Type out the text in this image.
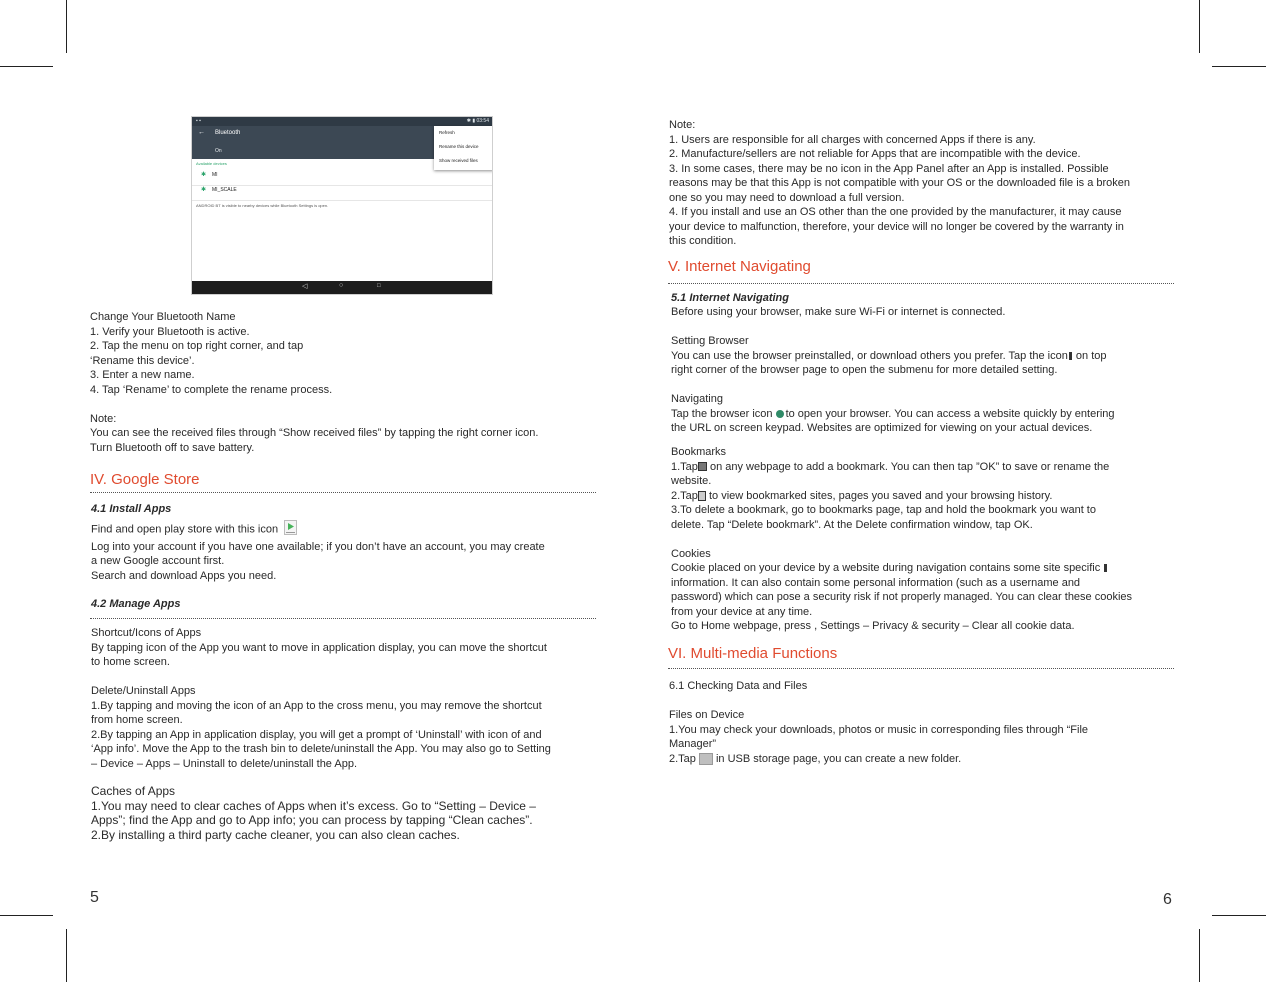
▪ ▪	✱ ▮ 03:54
← Bluetooth
On
Available devices
✱ MI
✱ MI_SCALE
ANDROID BT is visible to nearby devices while Bluetooth Settings is open.
Refresh
Rename this device
Show received files
◁	○	□

Change Your Bluetooth Name

1. Verify your Bluetooth is active.

2. Tap the menu on top right corner, and tap

‘Rename this device’.

3. Enter a new name.

4. Tap ‘Rename’ to complete the rename process.

Note:

You can see the received files through “Show received files” by tapping the right corner icon.

Turn Bluetooth off to save battery.

IV. Google Store
4.1 Install Apps

Find and open play store with this icon

Log into your account if you have one available; if you don’t have an account, you may create

a new Google account first.

Search and download Apps you need.

4.2 Manage Apps

Shortcut/Icons of Apps

By tapping icon of the App you want to move in application display, you can move the shortcut

to home screen.

Delete/Uninstall Apps

1.By tapping and moving the icon of an App to the cross menu, you may remove the shortcut

from home screen.

2.By tapping an App in application display, you will get a prompt of ‘Uninstall’ with icon of and

‘App info’. Move the App to the trash bin to delete/uninstall the App. You may also go to Setting

– Device – Apps – Uninstall to delete/uninstall the App.

Caches of Apps

1.You may need to clear caches of Apps when it’s excess. Go to “Setting – Device –

Apps”; find the App and go to App info; you can process by tapping “Clean caches”.

2.By installing a third party cache cleaner, you can also clean caches.

5

Note:

1. Users are responsible for all charges with concerned Apps if there is any.

2. Manufacture/sellers are not reliable for Apps that are incompatible with the device.

3. In some cases, there may be no icon in the App Panel after an App is installed. Possible

reasons may be that this App is not compatible with your OS or the downloaded file is a broken

one so you may need to download a full version.

4. If you install and use an OS other than the one provided by the manufacturer, it may cause

your device to malfunction, therefore, your device will no longer be covered by the warranty in

this condition.

V. Internet Navigating
5.1 Internet Navigating

Before using your browser, make sure Wi-Fi or internet is connected.

Setting Browser

You can use the browser preinstalled, or download others you prefer. Tap the icon on top

right corner of the browser page to open the submenu for more detailed setting.

Navigating

Tap the browser icon to open your browser. You can access a website quickly by entering

the URL on screen keypad. Websites are optimized for viewing on your actual devices.

Bookmarks

1.Tap on any webpage to add a bookmark. You can then tap ”OK” to save or rename the

website.

2.Tap to view bookmarked sites, pages you saved and your browsing history.

3.To delete a bookmark, go to bookmarks page, tap and hold the bookmark you want to

delete. Tap “Delete bookmark”. At the Delete confirmation window, tap OK.

Cookies

Cookie placed on your device by a website during navigation contains some site specific

information. It can also contain some personal information (such as a username and

password) which can pose a security risk if not properly managed. You can clear these cookies

from your device at any time.

Go to Home webpage, press , Settings – Privacy & security – Clear all cookie data.

VI. Multi-media Functions

6.1 Checking Data and Files

Files on Device

1.You may check your downloads, photos or music in corresponding files through “File

Manager”

2.Tap in USB storage page, you can create a new folder.

6
